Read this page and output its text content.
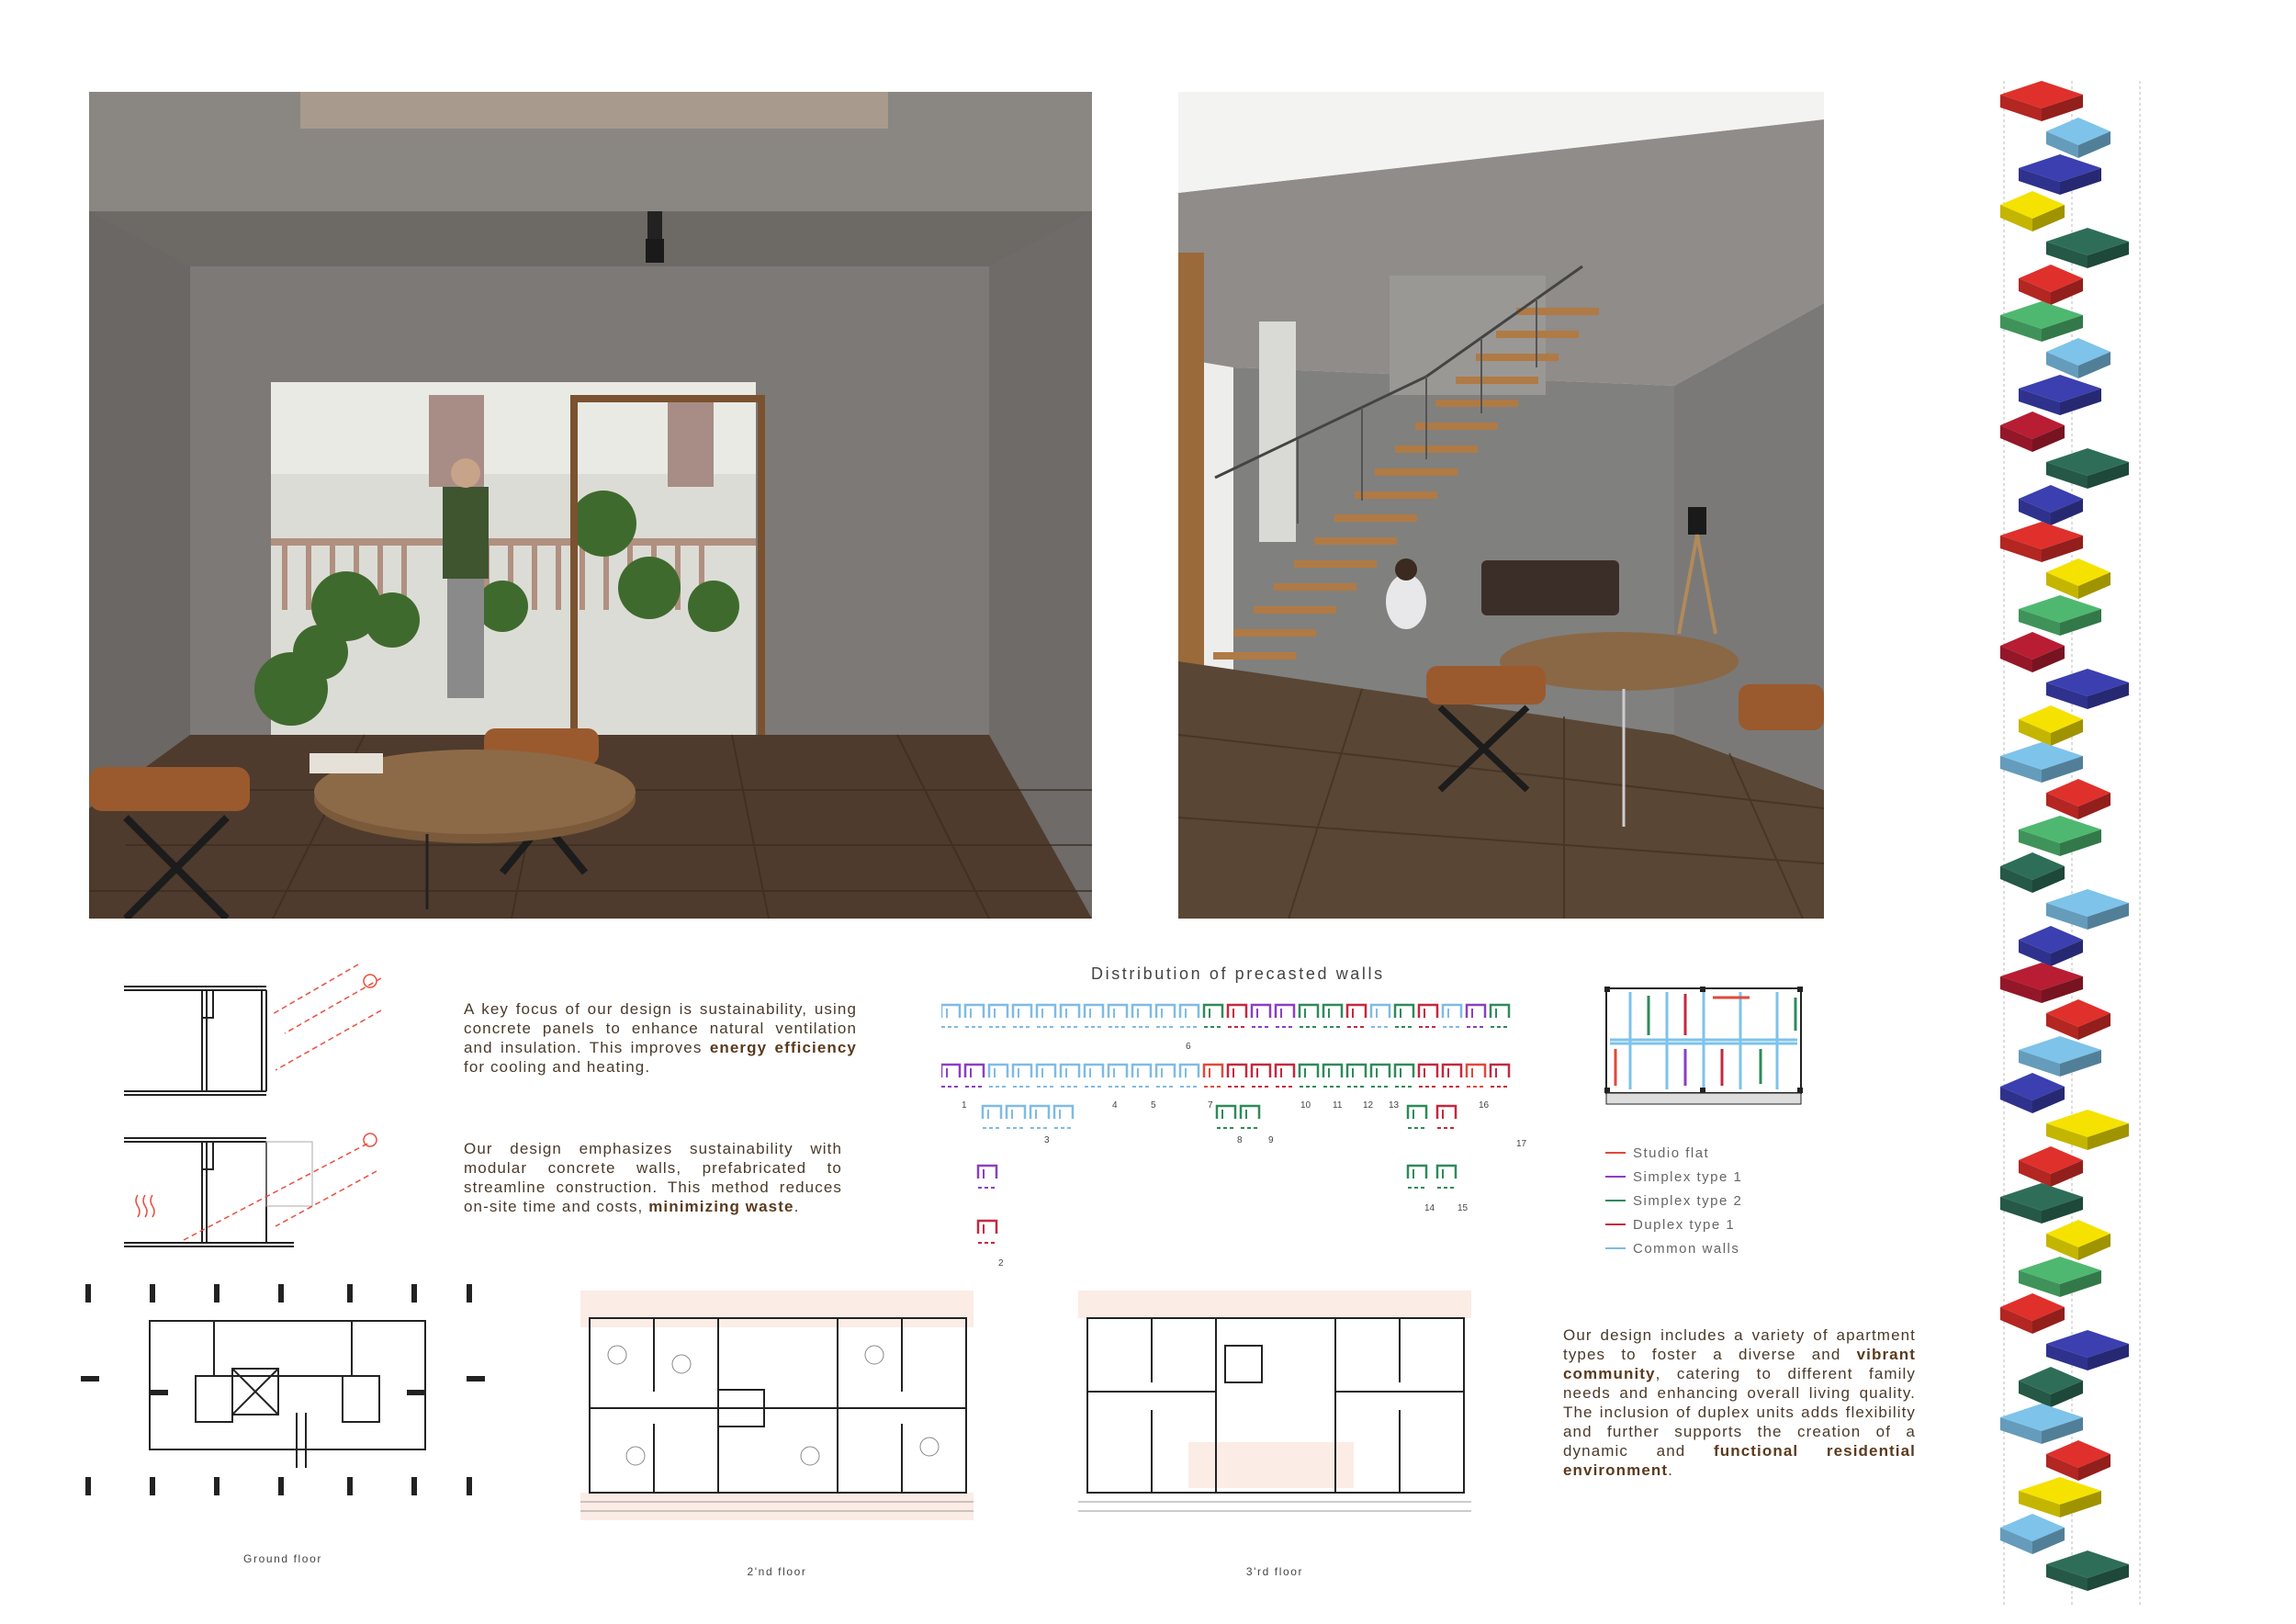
A key focus of our design is sustainability, using concrete panels to enhance natural ventilation and insulation. This improves energy efficiency for cooling and heating.
Our design emphasizes sustainability with modular concrete walls, prefabricated to streamline construction. This method reduces on-site time and costs, minimizing waste.
Our design includes a variety of apartment types to foster a diverse and vibrant community, catering to different family needs and enhancing overall living quality. The inclusion of duplex units adds flexibility and further supports the creation of a dynamic and functional residential environment.
Distribution of precasted walls
6
1	4	5	7	10 11 12 13	16
3	8	9	17
14 15
2
Studio flat
Simplex type 1
Simplex type 2
Duplex type 1
Common walls
Ground floor
2'nd floor	3'rd floor
